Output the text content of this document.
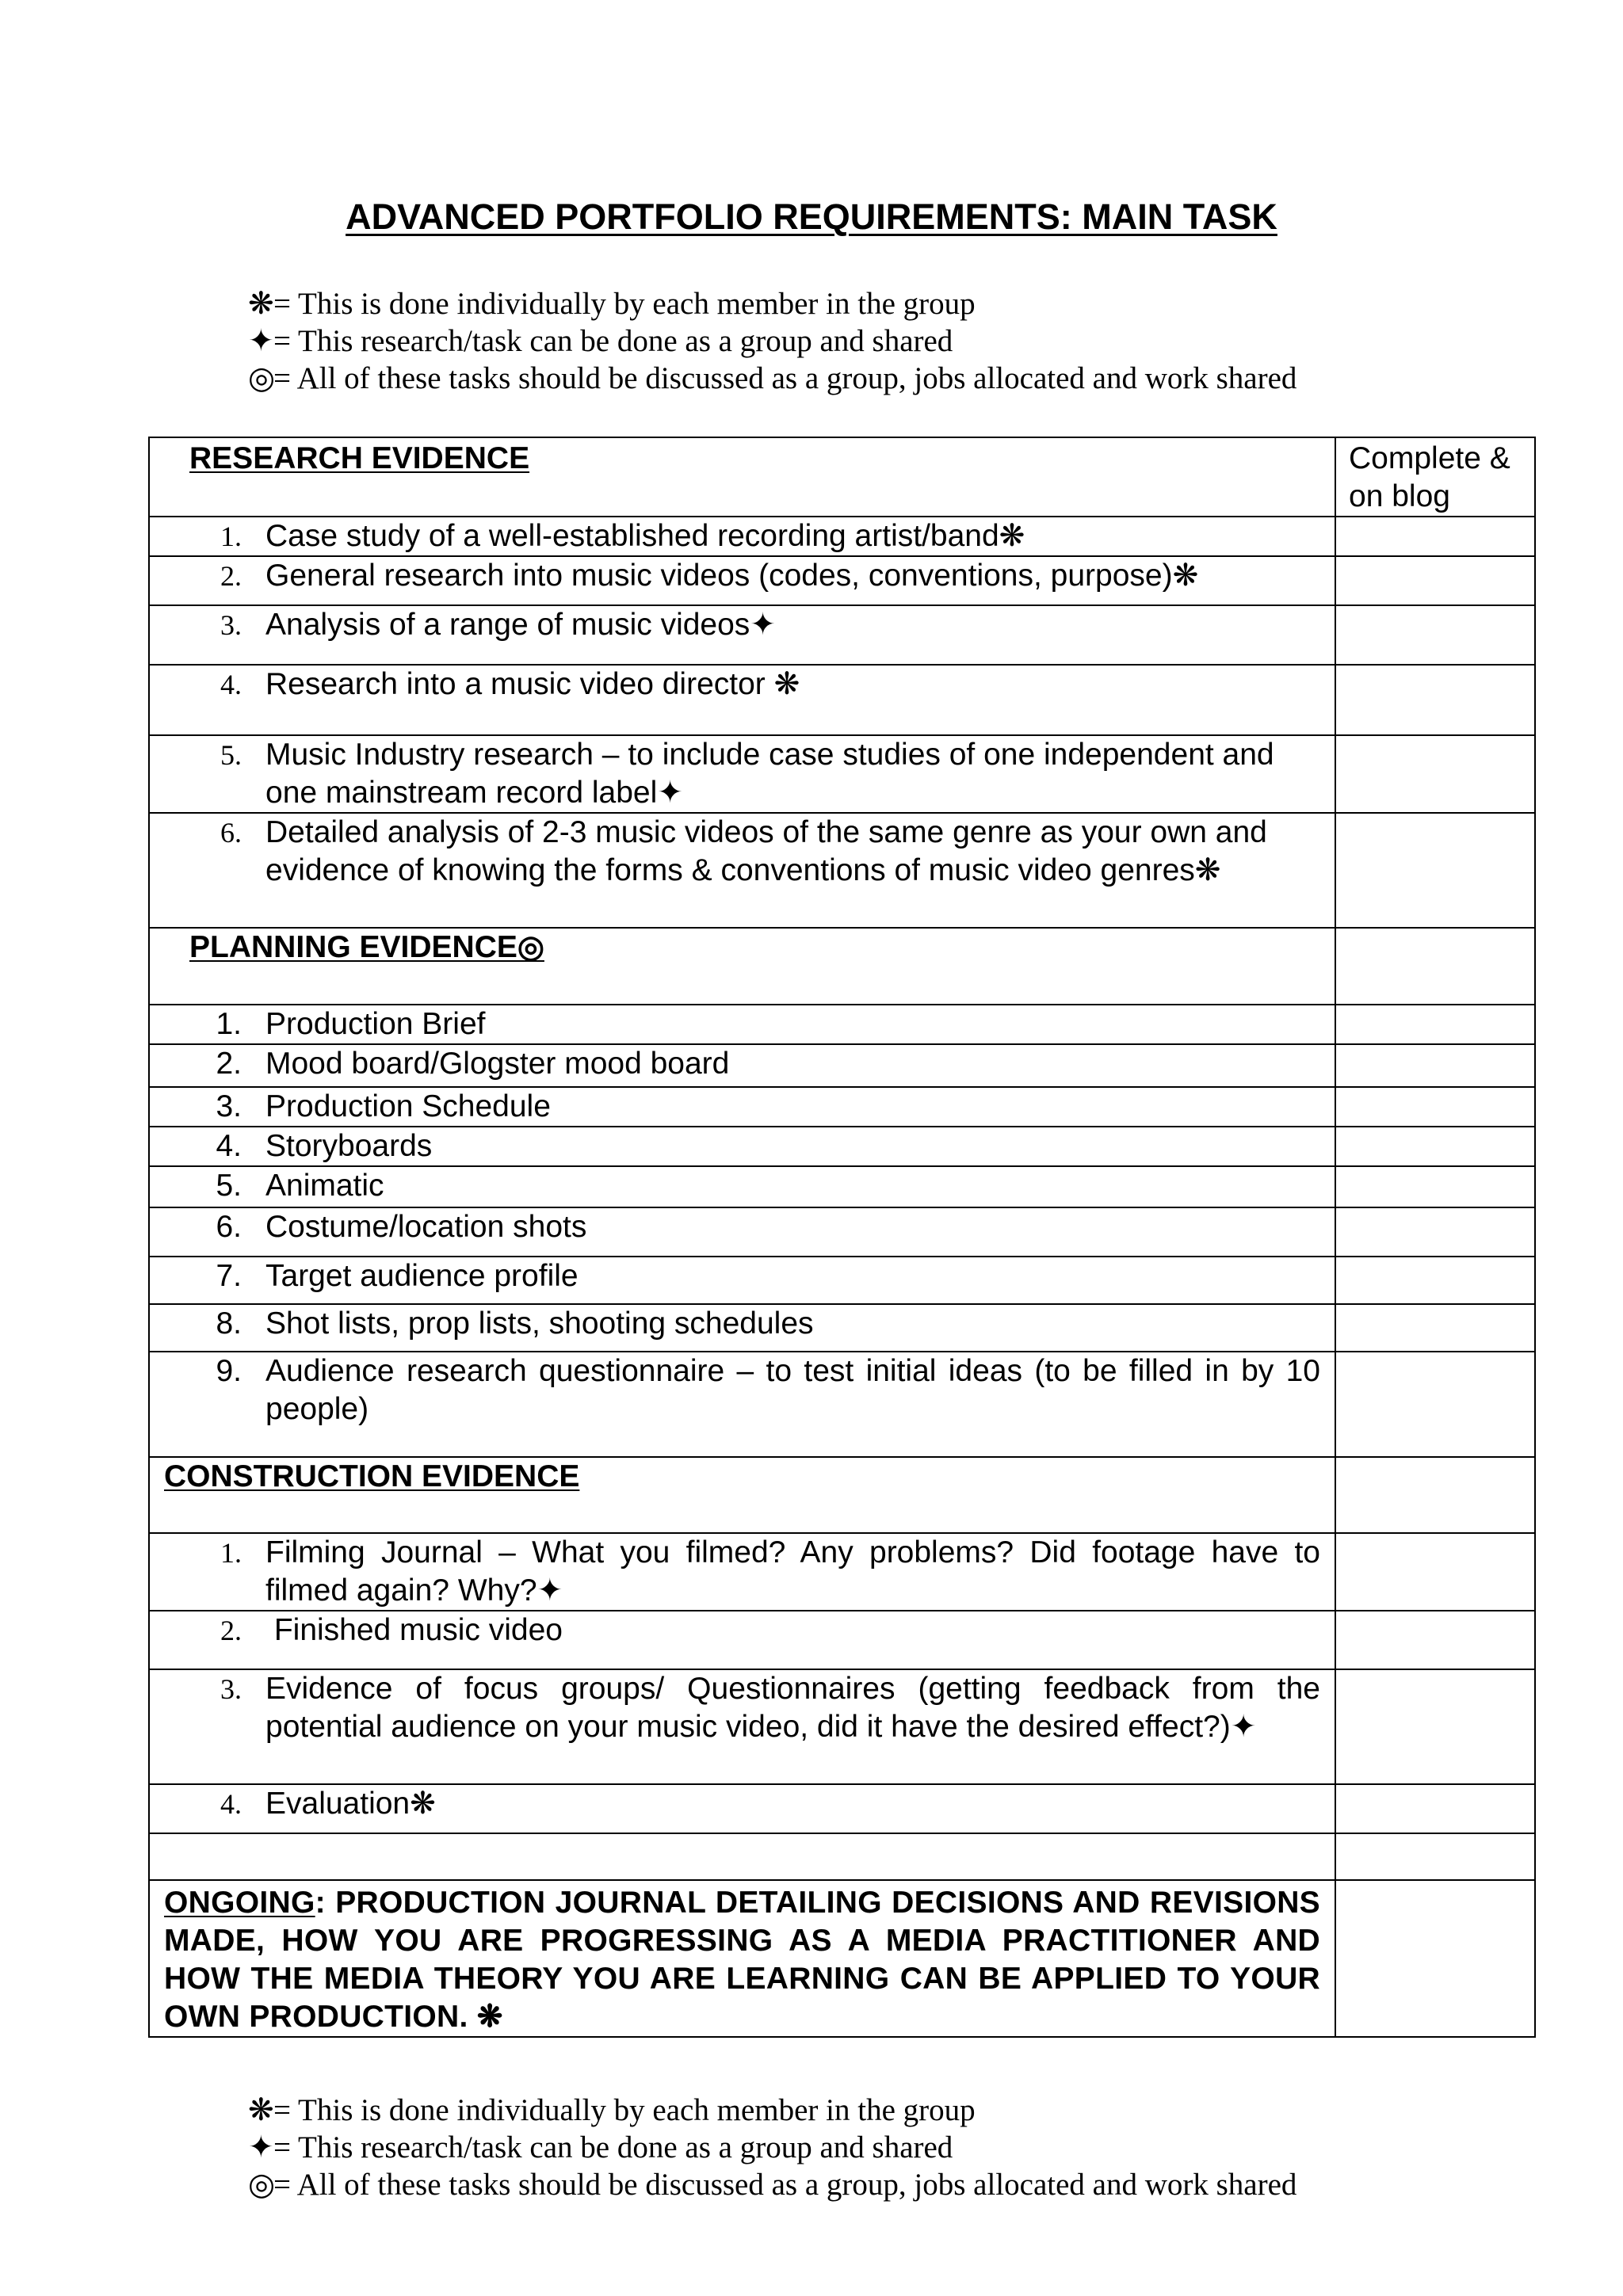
ADVANCED PORTFOLIO REQUIREMENTS: MAIN TASK
❋= This is done individually by each member in the group
✦= This research/task can be done as a group and shared
◎= All of these tasks should be discussed as a group, jobs allocated and work shared
RESEARCH EVIDENCE	Complete & on blog

1. Case study of a well-established recording artist/band❋	

2. General research into music videos (codes, conventions, purpose)❋	

3. Analysis of a range of music videos✦	

4. Research into a music video director ❋	

5. Music Industry research – to include case studies of one independent and one mainstream record label✦	

6. Detailed analysis of 2-3 music videos of the same genre as your own and evidence of knowing the forms & conventions of music video genres❋	

PLANNING EVIDENCE◎	

1. Production Brief	

2. Mood board/Glogster mood board	

3. Production Schedule	

4. Storyboards	

5. Animatic	

6. Costume/location shots	

7. Target audience profile	

8. Shot lists, prop lists, shooting schedules	

9. Audience research questionnaire – to test initial ideas (to be filled in by 10 people)	

CONSTRUCTION EVIDENCE	

1. Filming Journal – What you filmed? Any problems? Did footage have to filmed again? Why?✦	

2. Finished music video	

3. Evidence of focus groups/ Questionnaires (getting feedback from the potential audience on your music video, did it have the desired effect?)✦	

4. Evaluation❋	

ONGOING: PRODUCTION JOURNAL DETAILING DECISIONS AND REVISIONS MADE, HOW YOU ARE PROGRESSING AS A MEDIA PRACTITIONER AND HOW THE MEDIA THEORY YOU ARE LEARNING CAN BE APPLIED TO YOUR OWN PRODUCTION. ❋	

❋= This is done individually by each member in the group
✦= This research/task can be done as a group and shared
◎= All of these tasks should be discussed as a group, jobs allocated and work shared
